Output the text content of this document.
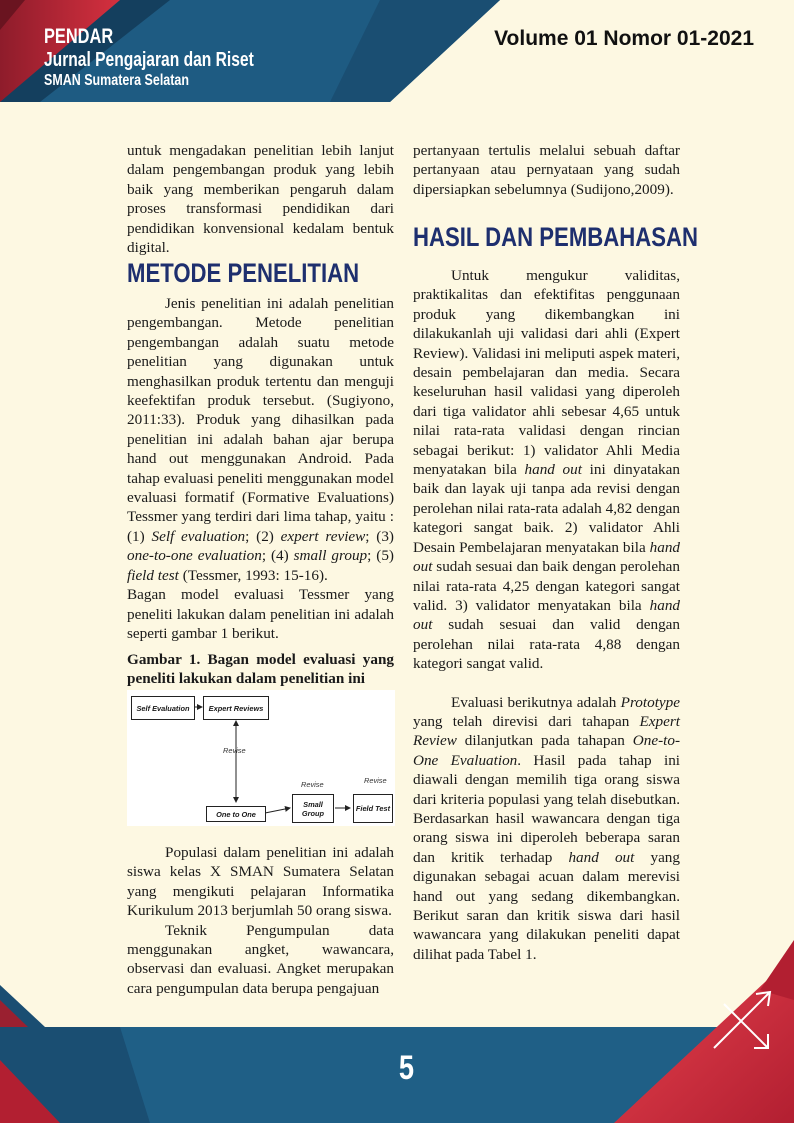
PENDAR
Jurnal Pengajaran dan Riset
SMAN Sumatera Selatan
Volume 01 Nomor 01-2021

untuk mengadakan penelitian lebih lanjut dalam pengembangan produk yang lebih baik yang memberikan pengaruh dalam proses transformasi pendidikan dari pendidikan konvensional kedalam bentuk digital.

METODE PENELITIAN

Jenis penelitian ini adalah penelitian pengembangan. Metode penelitian pengembangan adalah suatu metode penelitian yang digunakan untuk menghasilkan produk tertentu dan menguji keefektifan produk tersebut. (Sugiyono, 2011:33). Produk yang dihasilkan pada penelitian ini adalah bahan ajar berupa hand out menggunakan Android. Pada tahap evaluasi peneliti menggunakan model evaluasi formatif (Formative Evaluations) Tessmer yang terdiri dari lima tahap, yaitu : (1) Self evaluation; (2) expert review; (3) one-to-one evaluation; (4) small group; (5) field test (Tessmer, 1993: 15-16).

Bagan model evaluasi Tessmer yang peneliti lakukan dalam penelitian ini adalah seperti gambar 1 berikut.

Gambar 1. Bagan model evaluasi yang peneliti lakukan dalam penelitian ini
Self Evaluation	Expert Reviews
Revise
Revise	Revise
One to One
Small Group	Field Test

Populasi dalam penelitian ini adalah siswa kelas X SMAN Sumatera Selatan yang mengikuti pelajaran Informatika Kurikulum 2013 berjumlah 50 orang siswa.

Teknik Pengumpulan data menggunakan angket, wawancara, observasi dan evaluasi. Angket merupakan cara pengumpulan data berupa pengajuan

pertanyaan tertulis melalui sebuah daftar pertanyaan atau pernyataan yang sudah dipersiapkan sebelumnya (Sudijono,2009).

HASIL DAN PEMBAHASAN

Untuk mengukur validitas, praktikalitas dan efektifitas penggunaan produk yang dikembangkan ini dilakukanlah uji validasi dari ahli (Expert Review). Validasi ini meliputi aspek materi, desain pembelajaran dan media. Secara keseluruhan hasil validasi yang diperoleh dari tiga validator ahli sebesar 4,65 untuk nilai rata-rata validasi dengan rincian sebagai berikut: 1) validator Ahli Media menyatakan bila hand out ini dinyatakan baik dan layak uji tanpa ada revisi dengan perolehan nilai rata-rata adalah 4,82 dengan kategori sangat baik. 2) validator Ahli Desain Pembelajaran menyatakan bila hand out sudah sesuai dan baik dengan perolehan nilai rata-rata 4,25 dengan kategori sangat valid. 3) validator menyatakan bila hand out sudah sesuai dan valid dengan perolehan nilai rata-rata 4,88 dengan kategori sangat valid.

Evaluasi berikutnya adalah Prototype yang telah direvisi dari tahapan Expert Review dilanjutkan pada tahapan One-to-One Evaluation. Hasil pada tahap ini diawali dengan memilih tiga orang siswa dari kriteria populasi yang telah disebutkan. Berdasarkan hasil wawancara dengan tiga orang siswa ini diperoleh beberapa saran dan kritik terhadap hand out yang digunakan sebagai acuan dalam merevisi hand out yang sedang dikembangkan. Berikut saran dan kritik siswa dari hasil wawancara yang dilakukan peneliti dapat dilihat pada Tabel 1.

5
